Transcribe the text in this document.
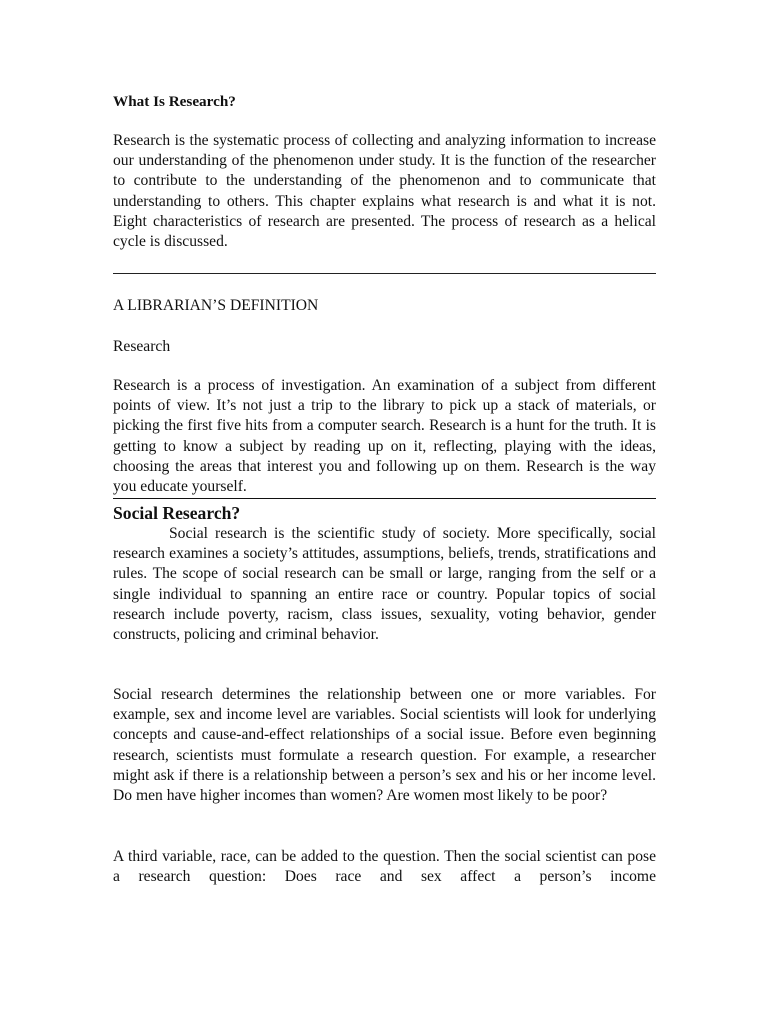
What Is Research?

Research is the systematic process of collecting and analyzing information to increase our understanding of the phenomenon under study. It is the function of the researcher to contribute to the understanding of the phenomenon and to communicate that understanding to others. This chapter explains what research is and what it is not. Eight characteristics of research are presented. The process of research as a helical cycle is discussed.

A LIBRARIAN’S DEFINITION

Research

Research is a process of investigation. An examination of a subject from different points of view. It’s not just a trip to the library to pick up a stack of materials, or picking the first five hits from a computer search. Research is a hunt for the truth. It is getting to know a subject by reading up on it, reflecting, playing with the ideas, choosing the areas that interest you and following up on them. Research is the way you educate yourself.

Social Research?

Social research is the scientific study of society. More specifically, social research examines a society’s attitudes, assumptions, beliefs, trends, stratifications and rules. The scope of social research can be small or large, ranging from the self or a single individual to spanning an entire race or country. Popular topics of social research include poverty, racism, class issues, sexuality, voting behavior, gender constructs, policing and criminal behavior.

Social research determines the relationship between one or more variables. For example, sex and income level are variables. Social scientists will look for underlying concepts and cause-and-effect relationships of a social issue. Before even beginning research, scientists must formulate a research question. For example, a researcher might ask if there is a relationship between a person’s sex and his or her income level. Do men have higher incomes than women? Are women most likely to be poor?

A third variable, race, can be added to the question. Then the social scientist can pose a research question: Does race and sex affect a person’s income
